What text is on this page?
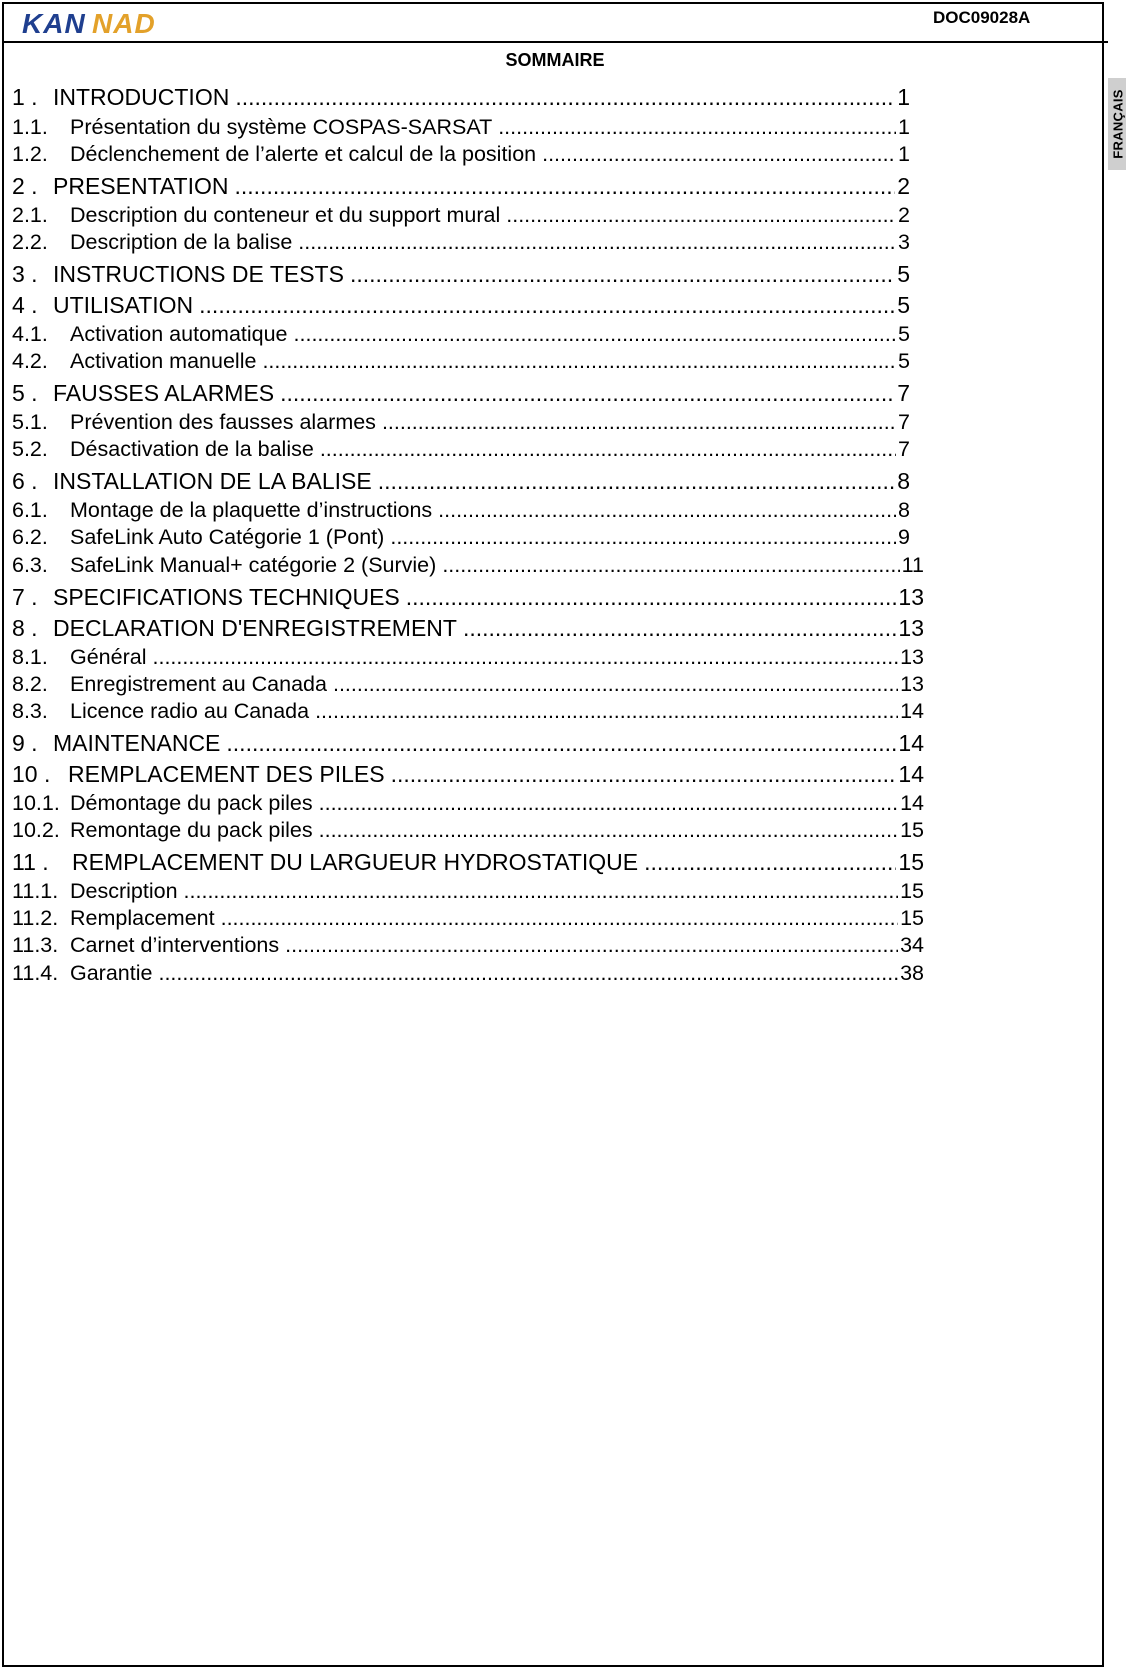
KAN NAD	DOC09028A
FRANÇAIS
SOMMAIRE
1 . INTRODUCTION .....	1
1.1.	Présentation du système COSPAS-SARSAT .....	1
1.2.	Déclenchement de l’alerte et calcul de la position .....	1
2 . PRESENTATION .....	2
2.1.	Description du conteneur et du support mural .....	2
2.2.	Description de la balise .....	3
3 . INSTRUCTIONS DE TESTS .....	5
4 . UTILISATION .....	5
4.1.	Activation automatique .....	5
4.2.	Activation manuelle .....	5
5 . FAUSSES ALARMES .....	7
5.1.	Prévention des fausses alarmes .....	7
5.2.	Désactivation de la balise .....	7
6 . INSTALLATION DE LA BALISE .....	8
6.1.	Montage de la plaquette d’instructions .....	8
6.2.	SafeLink Auto Catégorie 1 (Pont) .....	9
6.3.	SafeLink Manual+ catégorie 2 (Survie) .....	11
7 . SPECIFICATIONS TECHNIQUES .....	13
8 . DECLARATION D'ENREGISTREMENT .....	13
8.1.	Général .....	13
8.2.	Enregistrement au Canada .....	13
8.3.	Licence radio au Canada .....	14
9 . MAINTENANCE .....	14
10 . REMPLACEMENT DES PILES .....	14
10.1. Démontage du pack piles .....	14
10.2. Remontage du pack piles .....	15
11 .	REMPLACEMENT DU LARGUEUR HYDROSTATIQUE .....	15
11.1. Description .....	15
11.2. Remplacement .....	15
11.3. Carnet d’interventions .....	34
11.4. Garantie .....	38
